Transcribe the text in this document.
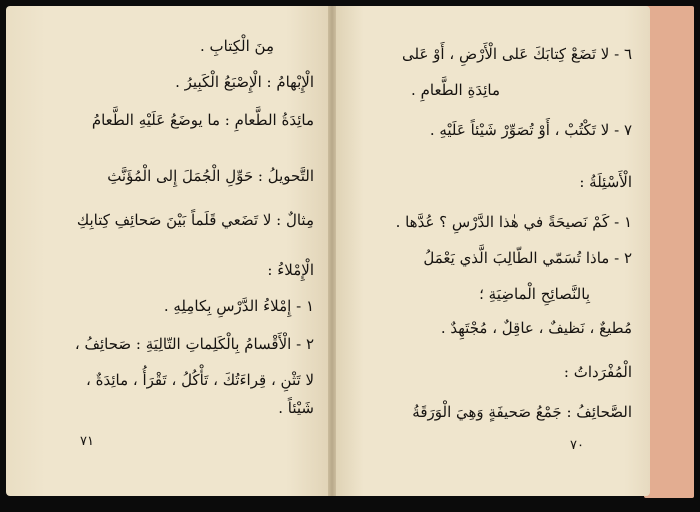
مِنَ الْكِتابِ .
الْإِبْهامُ : الْإِصْبَعُ الْكَبِيرُ .
مائِدَةُ الطَّعامِ : ما يوضَعُ عَلَيْهِ الطَّعامُ
التَّحويلُ : حَوِّلِ الْجُمَلَ إِلى الْمُؤَنَّثِ
مِثالٌ : لا تَضَعي قَلَماً بَيْنَ صَحائِفِ كِتابِكِ
الْإِمْلاءُ :
١ - إِمْلاءُ الدَّرْسِ بِكامِلِهِ .
٢ - الْأَقْسامُ بِالْكَلِماتِ التّالِيَةِ : صَحائِفُ ،
لا تَثْنِ ، قِراءَتُكَ ، تَأْكُلُ ، تَقْرَأُ ، مائِدَةٌ ،
شَيْئاً .
٧١
٦ - لا تَضَعْ كِتابَكَ عَلى الْأَرْضِ ، أَوْ عَلى
مائِدَةِ الطَّعامِ .
٧ - لا تَكْتُبْ ، أَوْ تُصَوِّرْ شَيْئاً عَلَيْهِ .
الْأَسْئِلَةُ :
١ - كَمْ نَصيحَةً في هٰذا الدَّرْسِ ؟ عُدَّها .
٢ - ماذا تُسَمّي الطّالِبَ الَّذي يَعْمَلُ
بِالنَّصائِحِ الْماضِيَةِ ؛
مُطيعٌ ، نَظيفٌ ، عاقِلٌ ، مُجْتَهِدٌ .
الْمُفْرَداتُ :
الصَّحائِفُ : جَمْعُ صَحيفَةٍ وَهِيَ الْوَرَقَةُ
٧٠
